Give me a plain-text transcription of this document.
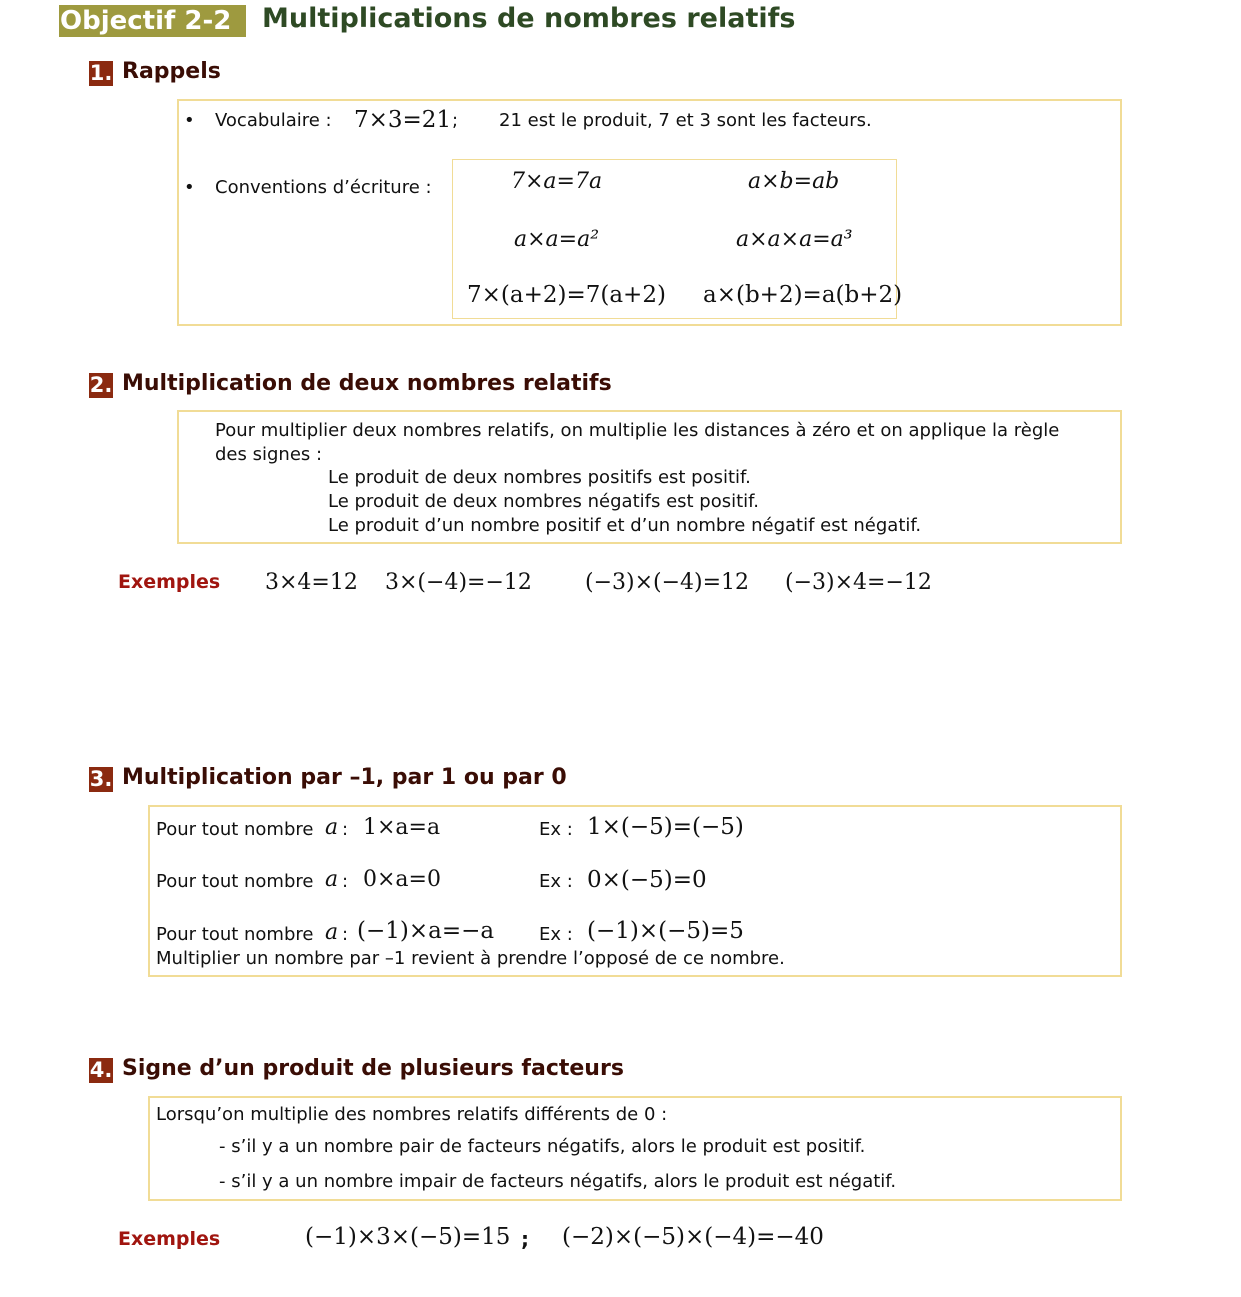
Objectif 2-2	Multiplications de nombres relatifs
1. Rappels
• Vocabulaire : 7×3=21 ; 21 est le produit, 7 et 3 sont les facteurs.
• Conventions d’écriture :	7×a=7a	a×b=ab
a×a=a²	a×a×a=a³
7×(a+2)=7(a+2) a×(b+2)=a(b+2)
2. Multiplication de deux nombres relatifs
Pour multiplier deux nombres relatifs, on multiplie les distances à zéro et on applique la règle
des signes :
Le produit de deux nombres positifs est positif.
Le produit de deux nombres négatifs est positif.
Le produit d’un nombre positif et d’un nombre négatif est négatif.
Exemples 3×4=12 3×(−4)=−12 (−3)×(−4)=12 (−3)×4=−12
3. Multiplication par –1, par 1 ou par 0
Pour tout nombre a : 1×a=a	Ex : 1×(−5)=(−5)
Pour tout nombre a : 0×a=0	Ex : 0×(−5)=0
Pour tout nombre a : (−1)×a=−a Ex : (−1)×(−5)=5
Multiplier un nombre par –1 revient à prendre l’opposé de ce nombre.
4. Signe d’un produit de plusieurs facteurs
Lorsqu’on multiplie des nombres relatifs différents de 0 :
- s’il y a un nombre pair de facteurs négatifs, alors le produit est positif.
- s’il y a un nombre impair de facteurs négatifs, alors le produit est négatif.
Exemples	(−1)×3×(−5)=15 ; (−2)×(−5)×(−4)=−40
